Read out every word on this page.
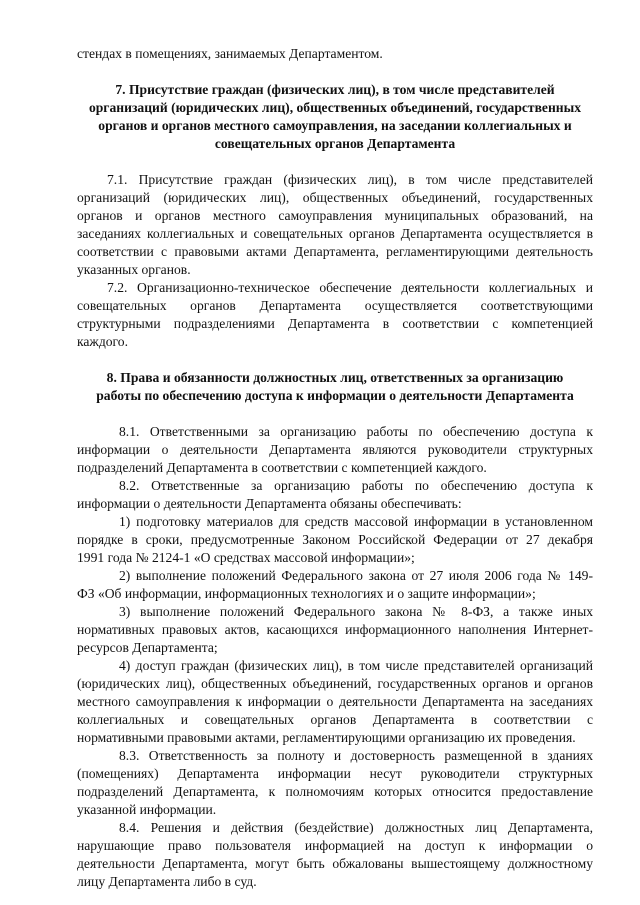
стендах в помещениях, занимаемых Департаментом.
7. Присутствие граждан (физических лиц), в том числе представителей
организаций (юридических лиц), общественных объединений, государственных
органов и органов местного самоуправления, на заседании коллегиальных и
совещательных органов Департамента
7.1. Присутствие граждан (физических лиц), в том числе представителей
организаций (юридических лиц), общественных объединений, государственных
органов и органов местного самоуправления муниципальных образований, на
заседаниях коллегиальных и совещательных органов Департамента осуществляется в
соответствии с правовыми актами Департамента, регламентирующими деятельность
указанных органов.
7.2. Организационно-техническое обеспечение деятельности коллегиальных и
совещательных органов Департамента осуществляется соответствующими
структурными подразделениями Департамента в соответствии с компетенцией
каждого.
8. Права и обязанности должностных лиц, ответственных за организацию
работы по обеспечению доступа к информации о деятельности Департамента
8.1. Ответственными за организацию работы по обеспечению доступа к
информации о деятельности Департамента являются руководители структурных
подразделений Департамента в соответствии с компетенцией каждого.
8.2. Ответственные за организацию работы по обеспечению доступа к
информации о деятельности Департамента обязаны обеспечивать:
1) подготовку материалов для средств массовой информации в установленном
порядке в сроки, предусмотренные Законом Российской Федерации от 27 декабря
1991 года № 2124-1 «О средствах массовой информации»;
2) выполнение положений Федерального закона от 27 июля 2006 года № 149-
ФЗ «Об информации, информационных технологиях и о защите информации»;
3) выполнение положений Федерального закона № 8-ФЗ, а также иных
нормативных правовых актов, касающихся информационного наполнения Интернет-
ресурсов Департамента;
4) доступ граждан (физических лиц), в том числе представителей организаций
(юридических лиц), общественных объединений, государственных органов и органов
местного самоуправления к информации о деятельности Департамента на заседаниях
коллегиальных и совещательных органов Департамента в соответствии с
нормативными правовыми актами, регламентирующими организацию их проведения.
8.3. Ответственность за полноту и достоверность размещенной в зданиях
(помещениях) Департамента информации несут руководители структурных
подразделений Департамента, к полномочиям которых относится предоставление
указанной информации.
8.4. Решения и действия (бездействие) должностных лиц Департамента,
нарушающие право пользователя информацией на доступ к информации о
деятельности Департамента, могут быть обжалованы вышестоящему должностному
лицу Департамента либо в суд.
